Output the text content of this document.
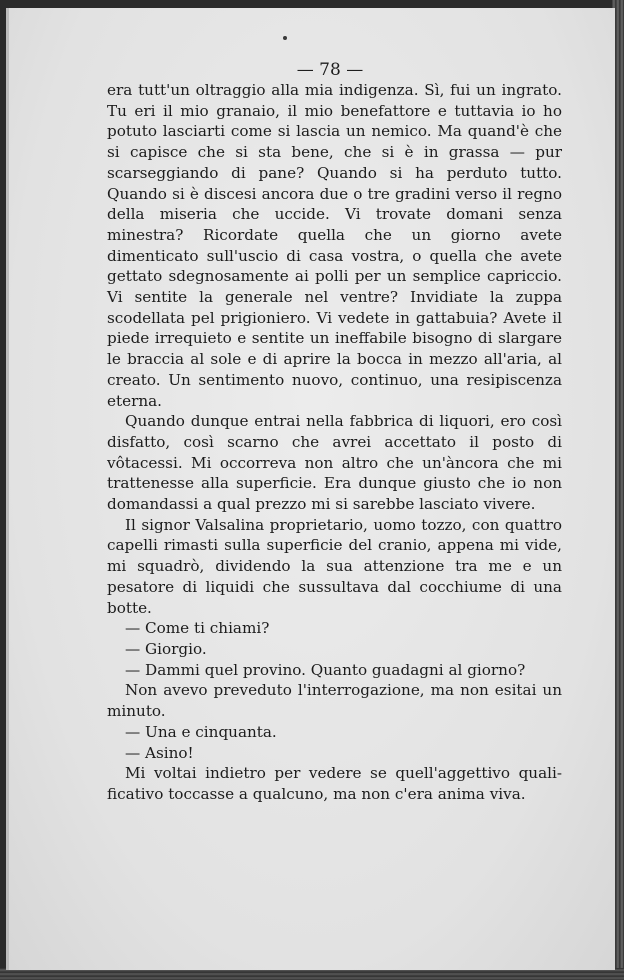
— 78 —

era tutt'un oltraggio alla mia indigenza. Sì, fui un ingrato. Tu eri il mio granaio, il mio benefattore e tuttavia io ho potuto lasciarti come si lascia un nemico. Ma quand'è che si capisce che si sta bene, che si è in grassa — pur scarseggiando di pane? Quando si ha perduto tutto. Quando si è discesi ancora due o tre gradini verso il regno della miseria che uccide. Vi trovate domani senza minestra? Ricordate quella che un giorno avete dimenticato sull'uscio di casa vostra, o quella che avete gettato sdegnosamente ai polli per un semplice capriccio. Vi sentite la generale nel ventre? Invidiate la zuppa scodellata pel prigioniero. Vi vedete in gattabuia? Avete il piede irrequieto e sentite un ineffabile bisogno di slargare le braccia al sole e di aprire la bocca in mezzo all'aria, al creato. Un sentimento nuovo, continuo, una resipiscenza eterna.

Quando dunque entrai nella fabbrica di liquori, ero così disfatto, così scarno che avrei accettato il posto di vôtacessi. Mi occorreva non altro che un'àncora che mi trattenesse alla superficie. Era dunque giusto che io non domandassi a qual prezzo mi si sarebbe lasciato vivere.

Il signor Valsalina proprietario, uomo tozzo, con quattro capelli rimasti sulla superficie del cranio, appena mi vide, mi squadrò, dividendo la sua attenzione tra me e un pesatore di liquidi che sussultava dal cocchiume di una botte.

— Come ti chiami?

— Giorgio.

— Dammi quel provino. Quanto guadagni al giorno?

Non avevo preveduto l'interrogazione, ma non esitai un minuto.

— Una e cinquanta.

— Asino!

Mi voltai indietro per vedere se quell'aggettivo qualificativo toccasse a qualcuno, ma non c'era anima viva.
